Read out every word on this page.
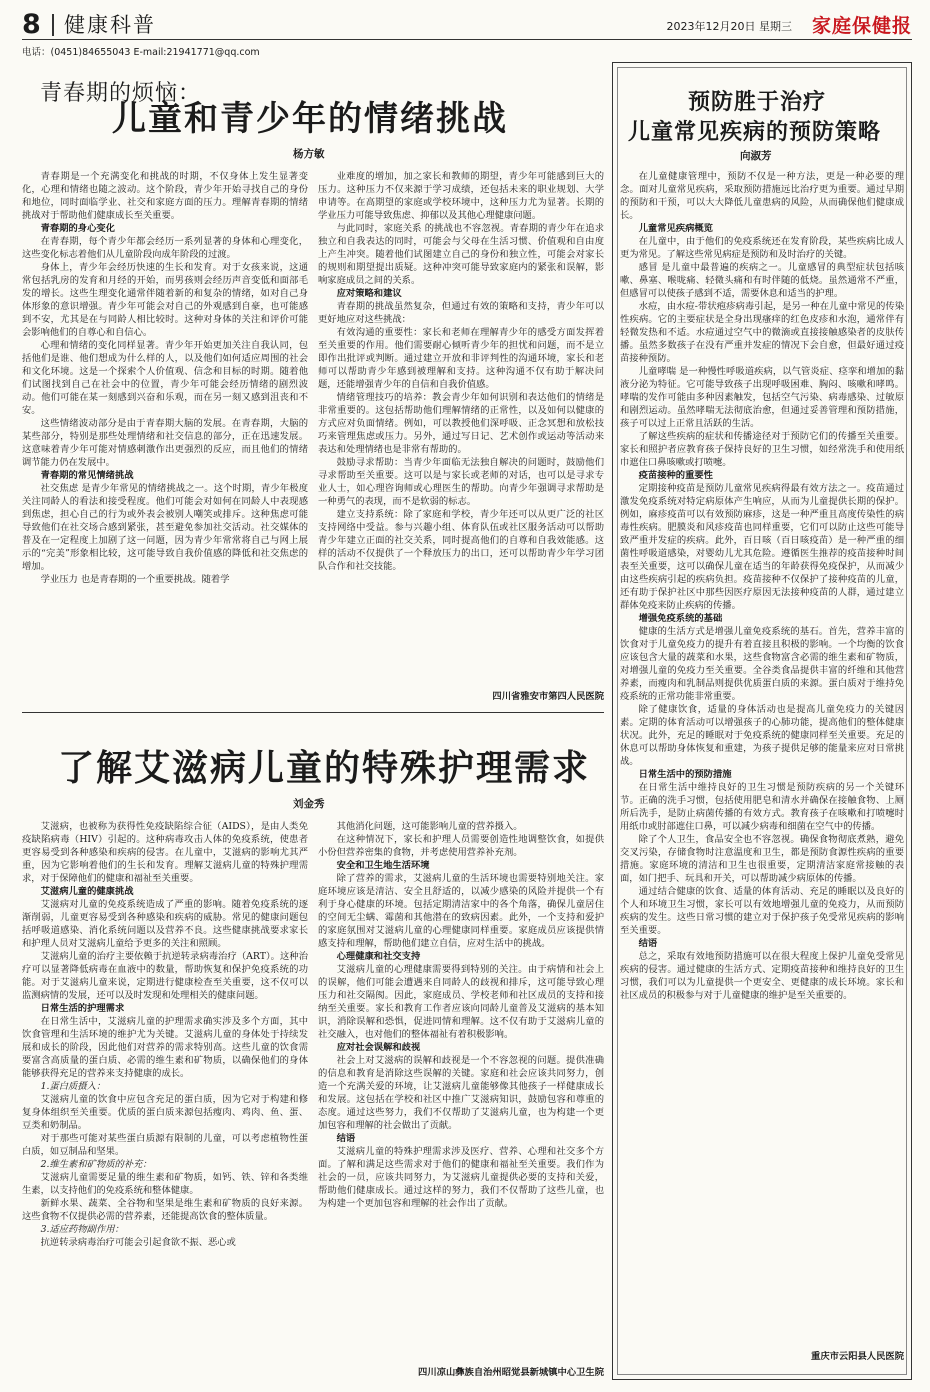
8 健康科普	2023年12月20日 星期三 家庭保健报
电话：(0451)84655043 E-mail:21941771@qq.com
青春期的烦恼：
儿童和青少年的情绪挑战
杨方敏

青春期是一个充满变化和挑战的时期，不仅身体上发生显著变化，心理和情绪也随之波动。这个阶段，青少年开始寻找自己的身份和地位，同时面临学业、社交和家庭方面的压力。理解青春期的情绪挑战对于帮助他们健康成长至关重要。

青春期的身心变化

在青春期，每个青少年都会经历一系列显著的身体和心理变化，这些变化标志着他们从儿童阶段向成年阶段的过渡。

身体上，青少年会经历快速的生长和发育。对于女孩来说，这通常包括乳房的发育和月经的开始，而男孩则会经历声音变低和面部毛发的增长。这些生理变化通常伴随着新的和复杂的情绪，如对自己身体形象的意识增强。青少年可能会对自己的外观感到自豪，也可能感到不安，尤其是在与同龄人相比较时。这种对身体的关注和评价可能会影响他们的自尊心和自信心。

心理和情绪的变化同样显著。青少年开始更加关注自我认同，包括他们是谁、他们想成为什么样的人，以及他们如何适应周围的社会和文化环境。这是一个探索个人价值观、信念和目标的时期。随着他们试图找到自己在社会中的位置，青少年可能会经历情绪的剧烈波动。他们可能在某一刻感到兴奋和乐观，而在另一刻又感到沮丧和不安。

这些情绪波动部分是由于青春期大脑的发展。在青春期，大脑的某些部分，特别是那些处理情绪和社交信息的部分，正在迅速发展。这意味着青少年可能对情感刺激作出更强烈的反应，而且他们的情绪调节能力仍在发展中。

青春期的常见情绪挑战

社交焦虑 是青少年常见的情绪挑战之一。这个时期，青少年极度关注同龄人的看法和接受程度。他们可能会对如何在同龄人中表现感到焦虑，担心自己的行为或外表会被别人嘲笑或排斥。这种焦虑可能导致他们在社交场合感到紧张，甚至避免参加社交活动。社交媒体的普及在一定程度上加剧了这一问题，因为青少年常常将自己与网上展示的“完美”形象相比较，这可能导致自我价值感的降低和社交焦虑的增加。

学业压力 也是青春期的一个重要挑战。随着学

业难度的增加，加之家长和教师的期望，青少年可能感到巨大的压力。这种压力不仅来源于学习成绩，还包括未来的职业规划、大学申请等。在高期望的家庭或学校环境中，这种压力尤为显著。长期的学业压力可能导致焦虑、抑郁以及其他心理健康问题。

与此同时，家庭关系 的挑战也不容忽视。青春期的青少年在追求独立和自我表达的同时，可能会与父母在生活习惯、价值观和自由度上产生冲突。随着他们试图建立自己的身份和独立性，可能会对家长的规则和期望提出质疑。这种冲突可能导致家庭内的紧张和误解，影响家庭成员之间的关系。

应对策略和建议

青春期的挑战虽然复杂，但通过有效的策略和支持，青少年可以更好地应对这些挑战：

有效沟通的重要性：家长和老师在理解青少年的感受方面发挥着至关重要的作用。他们需要耐心倾听青少年的担忧和问题，而不是立即作出批评或判断。通过建立开放和非评判性的沟通环境，家长和老师可以帮助青少年感到被理解和支持。这种沟通不仅有助于解决问题，还能增强青少年的自信和自我价值感。

情绪管理技巧的培养：教会青少年如何识别和表达他们的情绪是非常重要的。这包括帮助他们理解情绪的正常性，以及如何以健康的方式应对负面情绪。例如，可以教授他们深呼吸、正念冥想和放松技巧来管理焦虑或压力。另外，通过写日记、艺术创作或运动等活动来表达和处理情绪也是非常有帮助的。

鼓励寻求帮助：当青少年面临无法独自解决的问题时，鼓励他们寻求帮助至关重要。这可以是与家长或老师的对话，也可以是寻求专业人士，如心理咨询师或心理医生的帮助。向青少年强调寻求帮助是一种勇气的表现，而不是软弱的标志。

建立支持系统：除了家庭和学校，青少年还可以从更广泛的社区支持网络中受益。参与兴趣小组、体育队伍或社区服务活动可以帮助青少年建立正面的社交关系，同时提高他们的自尊和自我效能感。这样的活动不仅提供了一个释放压力的出口，还可以帮助青少年学习团队合作和社交技能。

四川省雅安市第四人民医院
了解艾滋病儿童的特殊护理需求
刘金秀

艾滋病，也被称为获得性免疫缺陷综合征（AIDS），是由人类免疫缺陷病毒（HIV）引起的。这种病毒攻击人体的免疫系统，使患者更容易受到各种感染和疾病的侵害。在儿童中，艾滋病的影响尤其严重，因为它影响着他们的生长和发育。理解艾滋病儿童的特殊护理需求，对于保障他们的健康和福祉至关重要。

艾滋病儿童的健康挑战

艾滋病对儿童的免疫系统造成了严重的影响。随着免疫系统的逐渐削弱，儿童更容易受到各种感染和疾病的威胁。常见的健康问题包括呼吸道感染、消化系统问题以及营养不良。这些健康挑战要求家长和护理人员对艾滋病儿童给予更多的关注和照顾。

艾滋病儿童的治疗主要依赖于抗逆转录病毒治疗（ART）。这种治疗可以显著降低病毒在血液中的数量，帮助恢复和保护免疫系统的功能。对于艾滋病儿童来说，定期进行健康检查至关重要，这不仅可以监测病情的发展，还可以及时发现和处理相关的健康问题。

日常生活的护理需求

在日常生活中，艾滋病儿童的护理需求确实涉及多个方面，其中饮食管理和生活环境的维护尤为关键。艾滋病儿童的身体处于持续发展和成长的阶段，因此他们对营养的需求特别高。这些儿童的饮食需要富含高质量的蛋白质、必需的维生素和矿物质，以确保他们的身体能够获得充足的营养来支持健康的成长。

1.蛋白质摄入：

艾滋病儿童的饮食中应包含充足的蛋白质，因为它对于构建和修复身体组织至关重要。优质的蛋白质来源包括瘦肉、鸡肉、鱼、蛋、豆类和奶制品。

对于那些可能对某些蛋白质源有限制的儿童，可以考虑植物性蛋白质，如豆制品和坚果。

2.维生素和矿物质的补充：

艾滋病儿童需要足量的维生素和矿物质，如钙、铁、锌和各类维生素，以支持他们的免疫系统和整体健康。

新鲜水果、蔬菜、全谷物和坚果是维生素和矿物质的良好来源。这些食物不仅提供必需的营养素，还能提高饮食的整体质量。

3.适应药物副作用：

抗逆转录病毒治疗可能会引起食欲不振、恶心或

其他消化问题，这可能影响儿童的营养摄入。

在这种情况下，家长和护理人员需要创造性地调整饮食，如提供小份但营养密集的食物，并考虑使用营养补充剂。

安全和卫生地生活环境

除了营养的需求，艾滋病儿童的生活环境也需要特别地关注。家庭环境应该是清洁、安全且舒适的，以减少感染的风险并提供一个有利于身心健康的环境。包括定期清洁家中的各个角落，确保儿童居住的空间无尘螨、霉菌和其他潜在的致病因素。此外，一个支持和爱护的家庭氛围对艾滋病儿童的心理健康同样重要。家庭成员应该提供情感支持和理解，帮助他们建立自信，应对生活中的挑战。

心理健康和社交支持

艾滋病儿童的心理健康需要得到特别的关注。由于病情和社会上的误解，他们可能会遭遇来自同龄人的歧视和排斥，这可能导致心理压力和社交隔阂。因此，家庭成员、学校老师和社区成员的支持和接纳至关重要。家长和教育工作者应该向同龄儿童普及艾滋病的基本知识，消除误解和恐惧，促进同情和理解。这不仅有助于艾滋病儿童的社交融入，也对他们的整体福祉有着积极影响。

应对社会误解和歧视

社会上对艾滋病的误解和歧视是一个不容忽视的问题。提供准确的信息和教育是消除这些误解的关键。家庭和社会应该共同努力，创造一个充满关爱的环境，让艾滋病儿童能够像其他孩子一样健康成长和发展。这包括在学校和社区中推广艾滋病知识，鼓励包容和尊重的态度。通过这些努力，我们不仅帮助了艾滋病儿童，也为构建一个更加包容和理解的社会做出了贡献。

结语

艾滋病儿童的特殊护理需求涉及医疗、营养、心理和社交多个方面。了解和满足这些需求对于他们的健康和福祉至关重要。我们作为社会的一员，应该共同努力，为艾滋病儿童提供必要的支持和关爱，帮助他们健康成长。通过这样的努力，我们不仅帮助了这些儿童，也为构建一个更加包容和理解的社会作出了贡献。

四川凉山彝族自治州昭觉县新城镇中心卫生院
预防胜于治疗
儿童常见疾病的预防策略
向淑芳

在儿童健康管理中，预防不仅是一种方法，更是一种必要的理念。面对儿童常见疾病，采取预防措施远比治疗更为重要。通过早期的预防和干预，可以大大降低儿童患病的风险，从而确保他们健康成长。

儿童常见疾病概览

在儿童中，由于他们的免疫系统还在发育阶段，某些疾病比成人更为常见。了解这些常见病症是预防和及时治疗的关键。

感冒 是儿童中最普遍的疾病之一。儿童感冒的典型症状包括咳嗽、鼻塞、喉咙痛、轻微头痛和有时伴随的低烧。虽然通常不严重，但感冒可以使孩子感到不适，需要休息和适当的护理。

水痘，由水痘-带状疱疹病毒引起，是另一种在儿童中常见的传染性疾病。它的主要症状是全身出现瘙痒的红色皮疹和水泡，通常伴有轻微发热和不适。水痘通过空气中的微滴或直接接触感染者的皮肤传播。虽然多数孩子在没有严重并发症的情况下会自愈，但最好通过疫苗接种预防。

儿童哮喘 是一种慢性呼吸道疾病，以气管炎症、痉挛和增加的黏液分泌为特征。它可能导致孩子出现呼吸困难、胸闷、咳嗽和哮鸣。哮喘的发作可能由多种因素触发，包括空气污染、病毒感染、过敏原和剧烈运动。虽然哮喘无法彻底治愈，但通过妥善管理和预防措施，孩子可以过上正常且活跃的生活。

了解这些疾病的症状和传播途径对于预防它们的传播至关重要。家长和照护者应教育孩子保持良好的卫生习惯，如经常洗手和使用纸巾遮住口鼻咳嗽或打喷嚏。

疫苗接种的重要性

定期接种疫苗是预防儿童常见疾病得最有效方法之一。疫苗通过激发免疫系统对特定病原体产生响应，从而为儿童提供长期的保护。例如，麻疹疫苗可以有效预防麻疹，这是一种严重且高度传染性的病毒性疾病。肥膜炎和风疹疫苗也同样重要，它们可以防止这些可能导致严重并发症的疾病。此外，百日咳（百日咳疫苗）是一种严重的细菌性呼吸道感染，对婴幼儿尤其危险。遵循医生推荐的疫苗接种时间表至关重要，这可以确保儿童在适当的年龄获得免疫保护，从而减少由这些疾病引起的疾病负担。疫苗接种不仅保护了接种疫苗的儿童，还有助于保护社区中那些因医疗原因无法接种疫苗的人群，通过建立群体免疫来防止疾病的传播。

增强免疫系统的基础

健康的生活方式是增强儿童免疫系统的基石。首先，营养丰富的饮食对于儿童免疫力的提升有着直接且积极的影响。一个均衡的饮食应该包含大量的蔬菜和水果，这些食物富含必需的维生素和矿物质，对增强儿童的免疫力至关重要。全谷类食品提供丰富的纤维和其他营养素，而瘦肉和乳制品则提供优质蛋白质的来源。蛋白质对于维持免疫系统的正常功能非常重要。

除了健康饮食，适量的身体活动也是提高儿童免疫力的关键因素。定期的体育活动可以增强孩子的心肺功能，提高他们的整体健康状况。此外，充足的睡眠对于免疫系统的健康同样至关重要。充足的休息可以帮助身体恢复和重建，为孩子提供足够的能量来应对日常挑战。

日常生活中的预防措施

在日常生活中维持良好的卫生习惯是预防疾病的另一个关键环节。正确的洗手习惯，包括使用肥皂和清水并确保在接触食物、上厕所后洗手，是防止病菌传播的有效方式。教育孩子在咳嗽和打喷嚏时用纸巾或肘部遮住口鼻，可以减少病毒和细菌在空气中的传播。

除了个人卫生，食品安全也不容忽视。确保食物彻底煮熟，避免交叉污染，存储食物时注意温度和卫生，都是预防食源性疾病的重要措施。家庭环境的清洁和卫生也很重要，定期清洁家庭常接触的表面，如门把手、玩具和开关，可以帮助减少病原体的传播。

通过结合健康的饮食、适量的体育活动、充足的睡眠以及良好的个人和环境卫生习惯，家长可以有效地增强儿童的免疫力，从而预防疾病的发生。这些日常习惯的建立对于保护孩子免受常见疾病的影响至关重要。

结语

总之，采取有效地预防措施可以在很大程度上保护儿童免受常见疾病的侵害。通过健康的生活方式、定期疫苗接种和维持良好的卫生习惯，我们可以为儿童提供一个更安全、更健康的成长环境。家长和社区成员的积极参与对于儿童健康的维护是至关重要的。

重庆市云阳县人民医院
